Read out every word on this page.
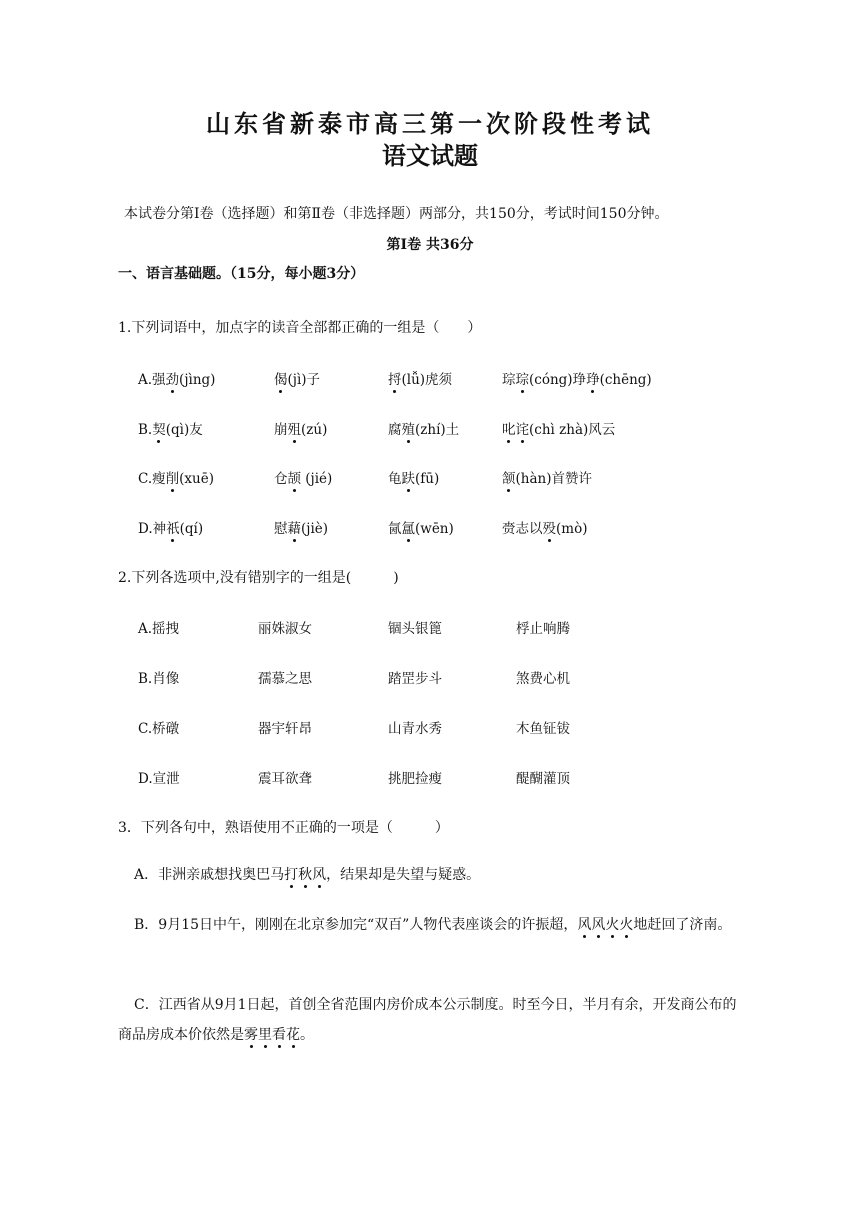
山东省新泰市高三第一次阶段性考试
语文试题
本试卷分第Ⅰ卷（选择题）和第Ⅱ卷（非选择题）两部分，共150分，考试时间150分钟。
第Ⅰ卷 共36分
一、语言基础题。（15分，每小题3分）
1.下列词语中，加点字的读音全部都正确的一组是（　　）
A.强劲(jìng)	偈(jì)子	捋(lǚ)虎须	琮琮(cóng)琤琤(chēng)
B.契(qì)友	崩殂(zú)	腐殖(zhí)土	叱诧(chì zhà)风云
C.瘦削(xuē)	仓颉 (jié)	龟趺(fū)	颔(hàn)首赞许
D.神祇(qí)	慰藉(jiè)	氤氲(wēn)	赍志以殁(mò)
2.下列各选项中,没有错别字的一组是(　　　)
A.摇拽	丽姝淑女	锢头银篦	桴止响腾
B.肖像	孺慕之思	踏罡步斗	煞费心机
C.桥礅	器宇轩昂	山青水秀	木鱼钲钹
D.宣泄	震耳欲聋	挑肥捡瘦	醍醐灌顶
3．下列各句中，熟语使用不正确的一项是（　　　）
A．非洲亲戚想找奥巴马打秋风，结果却是失望与疑惑。
B．9月15日中午，刚刚在北京参加完“双百”人物代表座谈会的许振超，风风火火地赶回了济南。
C．江西省从9月1日起，首创全省范围内房价成本公示制度。时至今日，半月有余，开发商公布的商品房成本价依然是雾里看花。
